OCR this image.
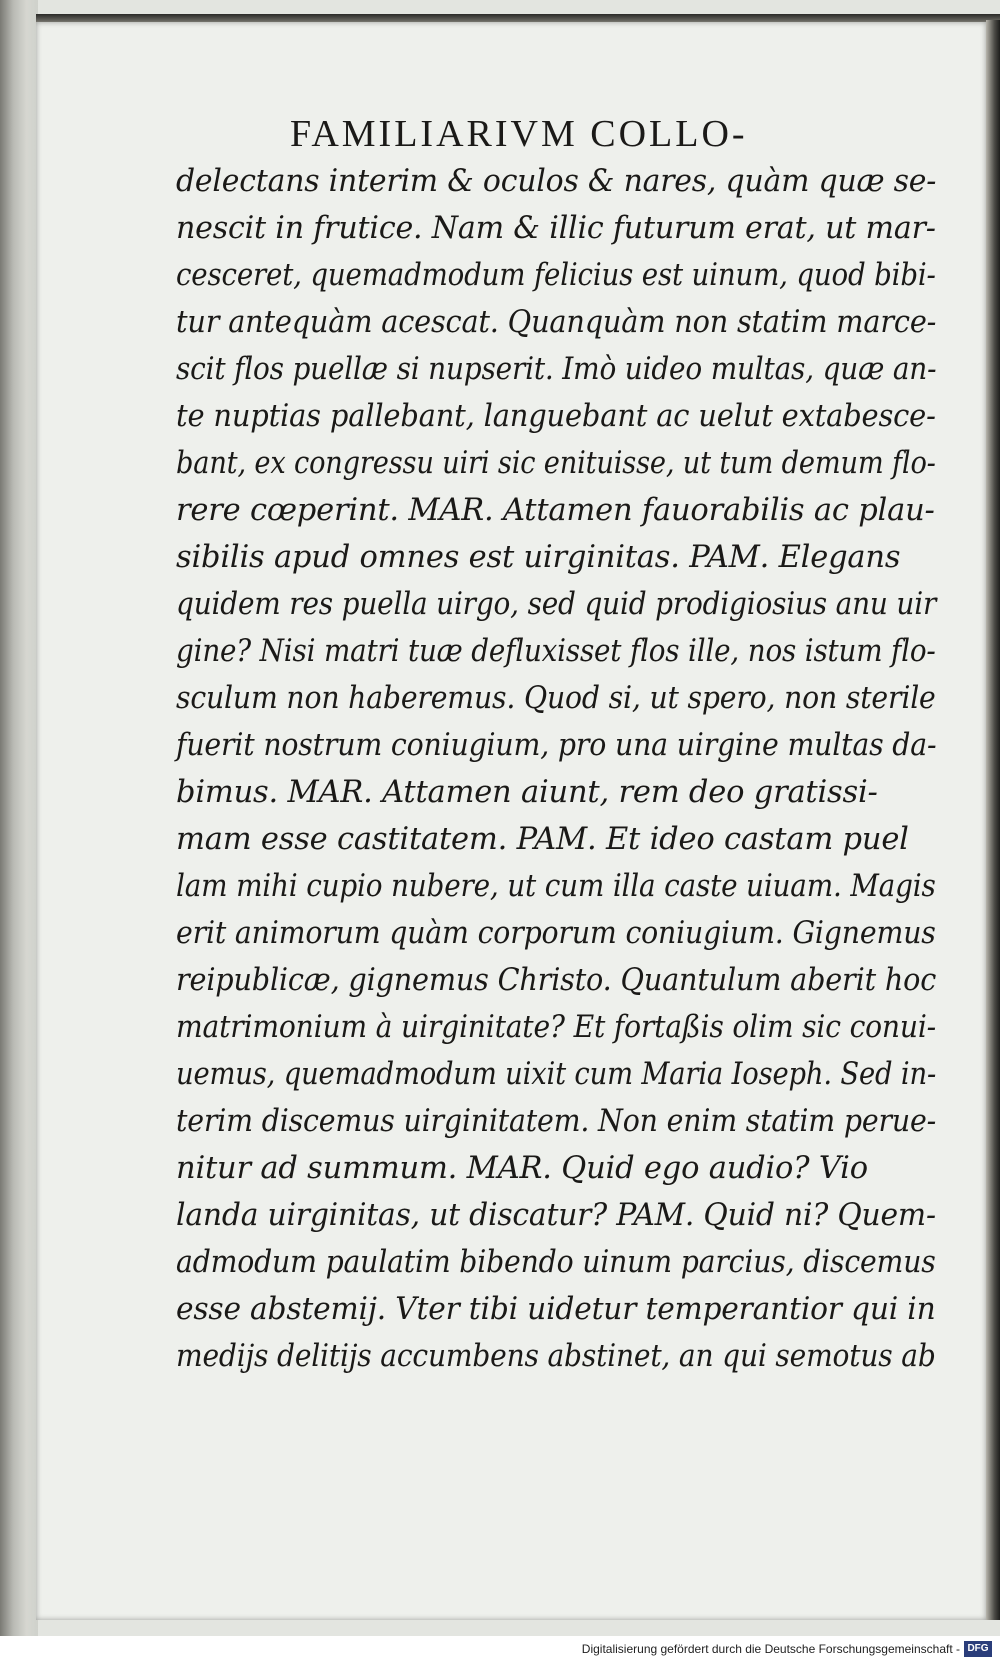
FAMILIARIVM COLLO-
delectans interim & oculos & nares, quàm quæ se-
nescit in frutice. Nam & illic futurum erat, ut mar-
cesceret, quemadmodum felicius est uinum, quod bibi-
tur antequàm acescat. Quanquàm non statim marce-
scit flos puellæ si nupserit. Imò uideo multas, quæ an-
te nuptias pallebant, languebant ac uelut extabesce-
bant, ex congressu uiri sic enituisse, ut tum demum flo-
rere cœperint. MAR. Attamen fauorabilis ac plau-
sibilis apud omnes est uirginitas. PAM. Elegans
quidem res puella uirgo, sed quid prodigiosius anu uir
gine? Nisi matri tuæ defluxisset flos ille, nos istum flo-
sculum non haberemus. Quod si, ut spero, non sterile
fuerit nostrum coniugium, pro una uirgine multas da-
bimus. MAR. Attamen aiunt, rem deo gratissi-
mam esse castitatem. PAM. Et ideo castam puel
lam mihi cupio nubere, ut cum illa caste uiuam. Magis
erit animorum quàm corporum coniugium. Gignemus
reipublicæ, gignemus Christo. Quantulum aberit hoc
matrimonium à uirginitate? Et fortaßis olim sic conui-
uemus, quemadmodum uixit cum Maria Ioseph. Sed in-
terim discemus uirginitatem. Non enim statim perue-
nitur ad summum. MAR. Quid ego audio? Vio
landa uirginitas, ut discatur? PAM. Quid ni? Quem-
admodum paulatim bibendo uinum parcius, discemus
esse abstemij. Vter tibi uidetur temperantior qui in
medijs delitijs accumbens abstinet, an qui semotus ab
Digitalisierung gefördert durch die Deutsche Forschungsgemeinschaft - DFG
